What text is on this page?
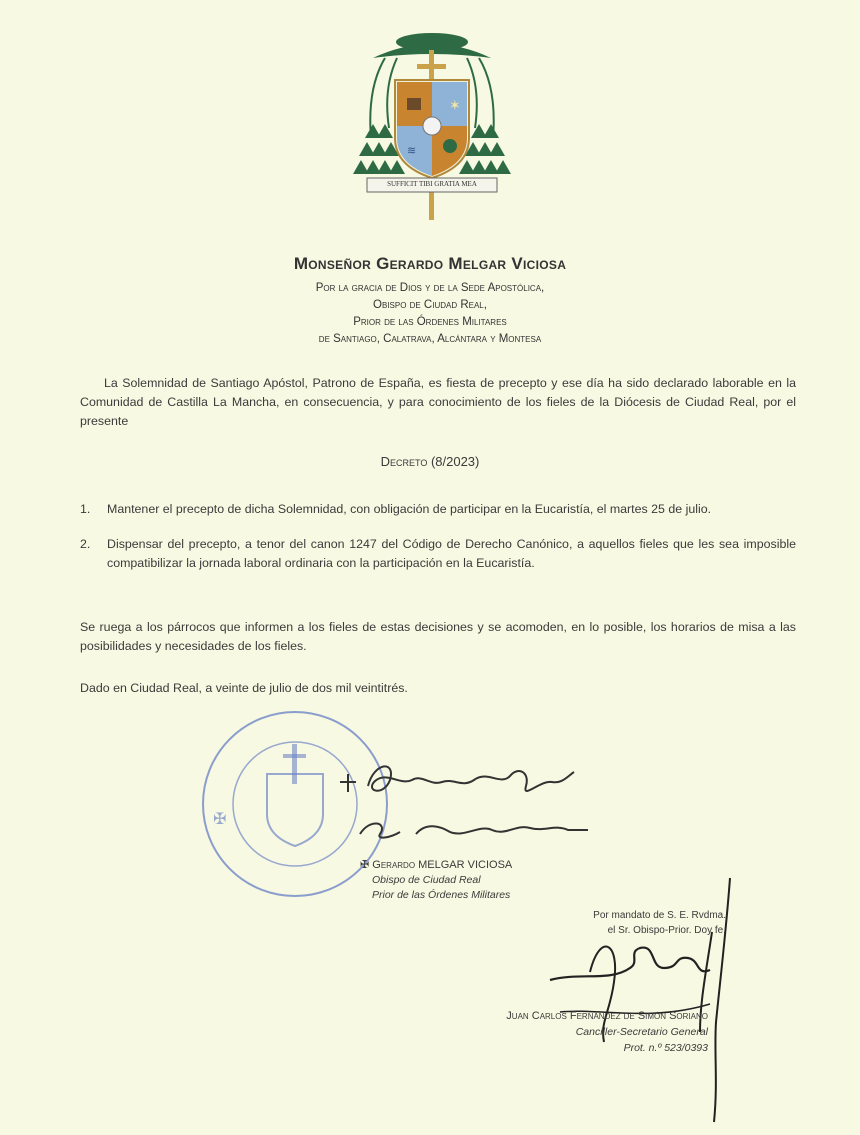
✶
≋
SUFFICIT TIBI GRATIA MEA
Monseñor Gerardo Melgar Viciosa
Por la gracia de Dios y de la Sede Apostólica,
Obispo de Ciudad Real,
Prior de las Órdenes Militares
de Santiago, Calatrava, Alcántara y Montesa
La Solemnidad de Santiago Apóstol, Patrono de España, es fiesta de precepto y ese día ha sido declarado laborable en la Comunidad de Castilla La Mancha, en consecuencia, y para conocimiento de los fieles de la Diócesis de Ciudad Real, por el presente
Decreto (8/2023)
1.	Mantener el precepto de dicha Solemnidad, con obligación de participar en la Eucaristía, el martes 25 de julio.
2.	Dispensar del precepto, a tenor del canon 1247 del Código de Derecho Canónico, a aquellos fieles que les sea imposible compatibilizar la jornada laboral ordinaria con la participación en la Eucaristía.
Se ruega a los párrocos que informen a los fieles de estas decisiones y se acomoden, en lo posible, los horarios de misa a las posibilidades y necesidades de los fieles.
Dado en Ciudad Real, a veinte de julio de dos mil veintitrés.
✠
✠ Gerardo MELGAR VICIOSA
Obispo de Ciudad Real
Prior de las Órdenes Militares
Por mandato de S. E. Rvdma.
el Sr. Obispo-Prior. Doy fe.
Juan Carlos Fernández de Simón Soriano
Canciller-Secretario General
Prot. n.º 523/0393
